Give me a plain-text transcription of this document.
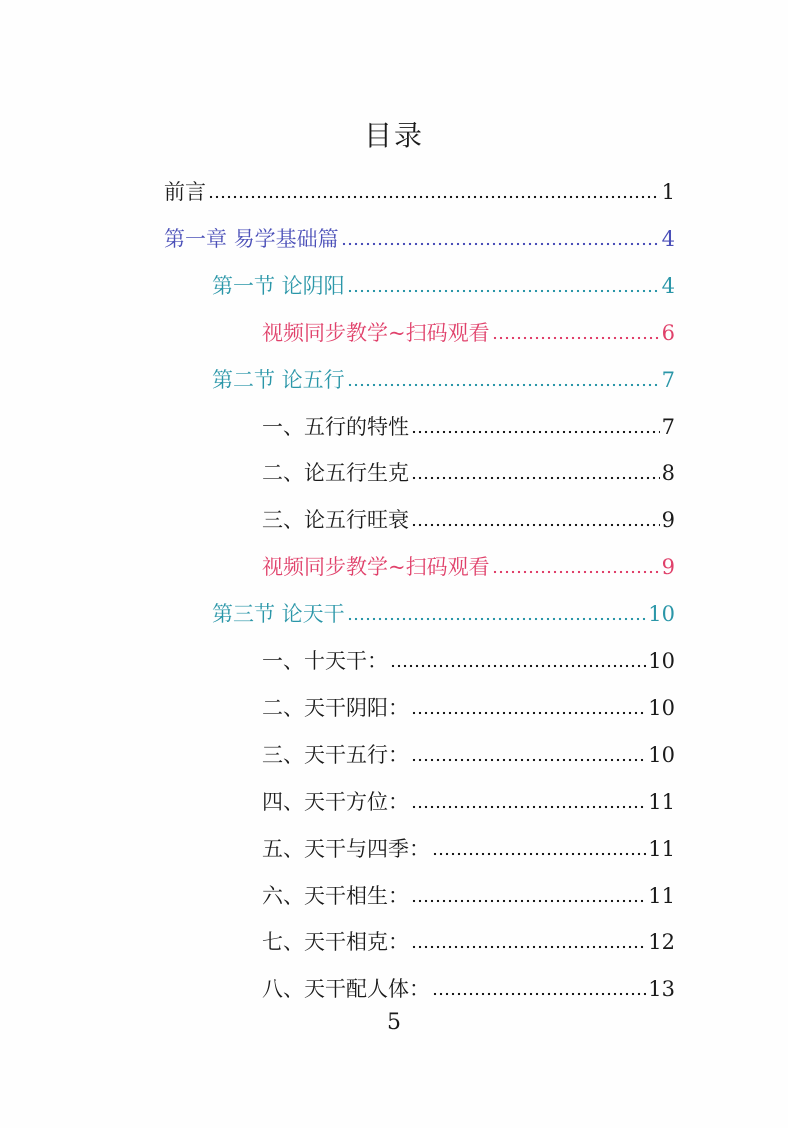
目录
前言	1
第一章 易学基础篇	4
第一节 论阴阳	4
视频同步教学~扫码观看	6
第二节 论五行	7
一、五行的特性	7
二、论五行生克	8
三、论五行旺衰	9
视频同步教学~扫码观看	9
第三节 论天干	10
一、十天干：	10
二、天干阴阳：	10
三、天干五行：	10
四、天干方位：	11
五、天干与四季：	11
六、天干相生：	11
七、天干相克：	12
八、天干配人体：	13
5
